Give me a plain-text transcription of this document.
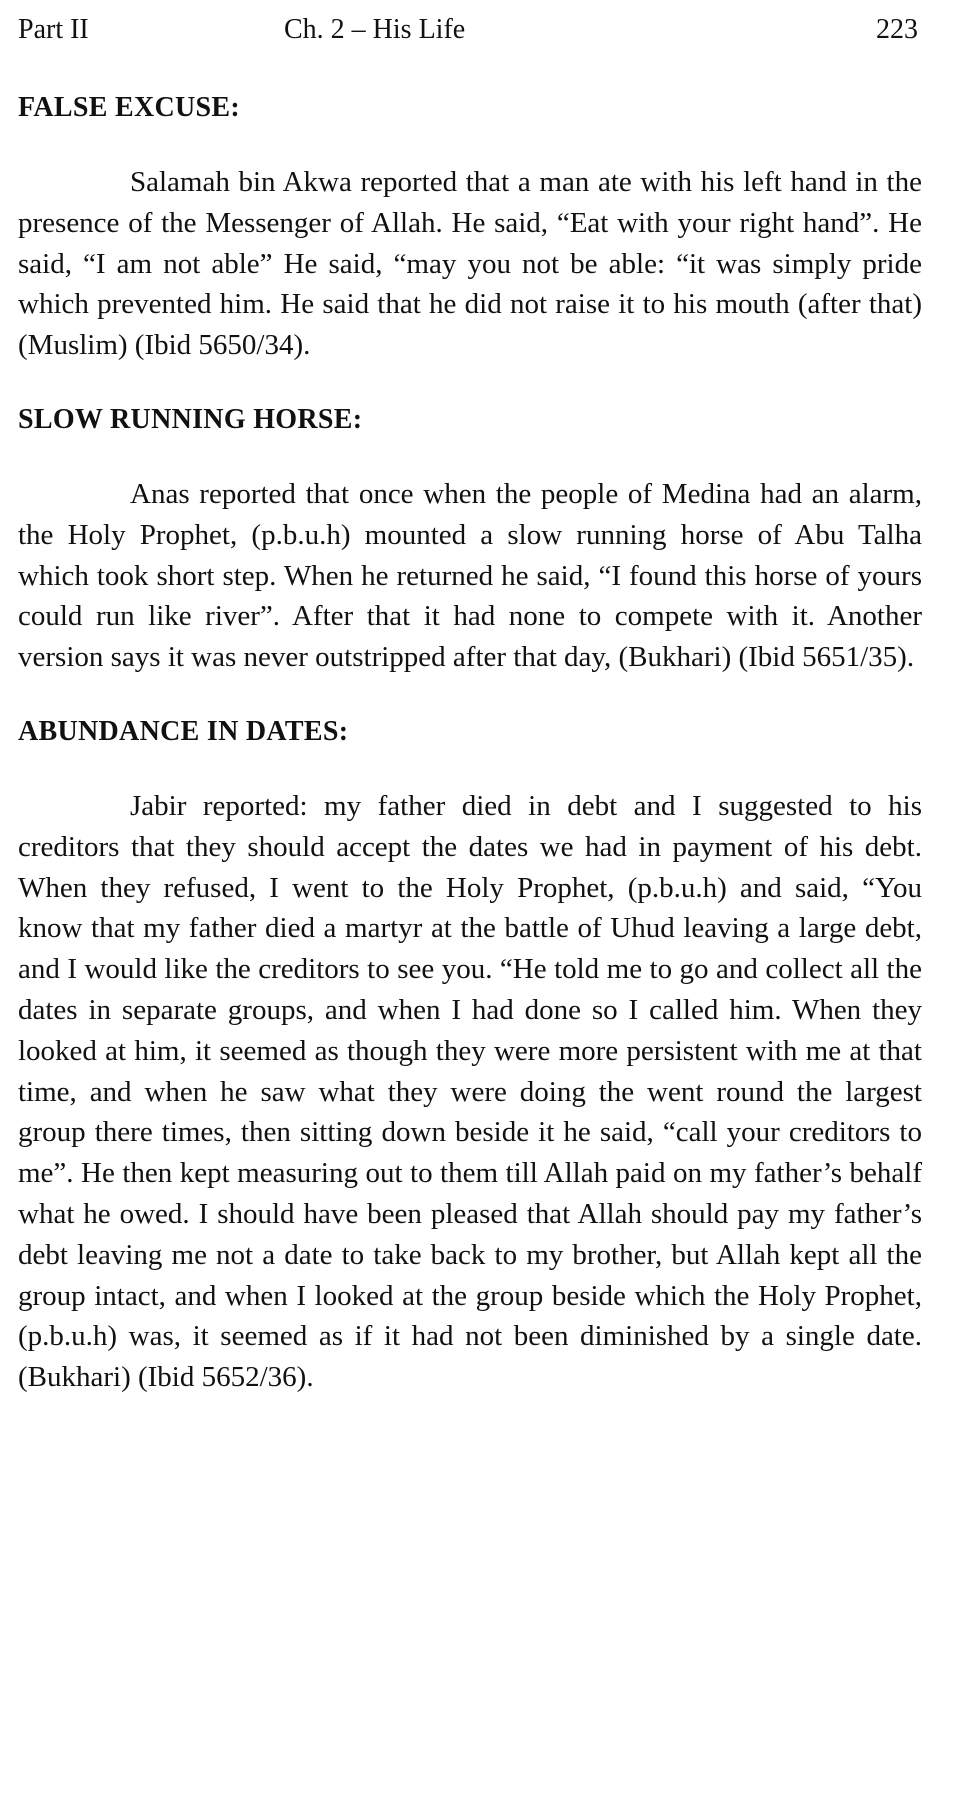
Part II	Ch. 2 – His Life	223
FALSE EXCUSE:

Salamah bin Akwa reported that a man ate with his left hand in the presence of the Messenger of Allah. He said, “Eat with your right hand”. He said, “I am not able” He said, “may you not be able: “it was simply pride which prevented him. He said that he did not raise it to his mouth (after that) (Muslim) (Ibid 5650/34).

SLOW RUNNING HORSE:

Anas reported that once when the people of Medina had an alarm, the Holy Prophet, (p.b.u.h) mounted a slow running horse of Abu Talha which took short step. When he returned he said, “I found this horse of yours could run like river”. After that it had none to compete with it. Another version says it was never outstripped after that day, (Bukhari) (Ibid 5651/35).

ABUNDANCE IN DATES:

Jabir reported: my father died in debt and I suggested to his creditors that they should accept the dates we had in payment of his debt. When they refused, I went to the Holy Prophet, (p.b.u.h) and said, “You know that my father died a martyr at the battle of Uhud leaving a large debt, and I would like the creditors to see you. “He told me to go and collect all the dates in separate groups, and when I had done so I called him. When they looked at him, it seemed as though they were more persistent with me at that time, and when he saw what they were doing the went round the largest group there times, then sitting down beside it he said, “call your creditors to me”. He then kept measuring out to them till Allah paid on my father’s behalf what he owed. I should have been pleased that Allah should pay my father’s debt leaving me not a date to take back to my brother, but Allah kept all the group intact, and when I looked at the group beside which the Holy Prophet, (p.b.u.h) was, it seemed as if it had not been diminished by a single date. (Bukhari) (Ibid 5652/36).
